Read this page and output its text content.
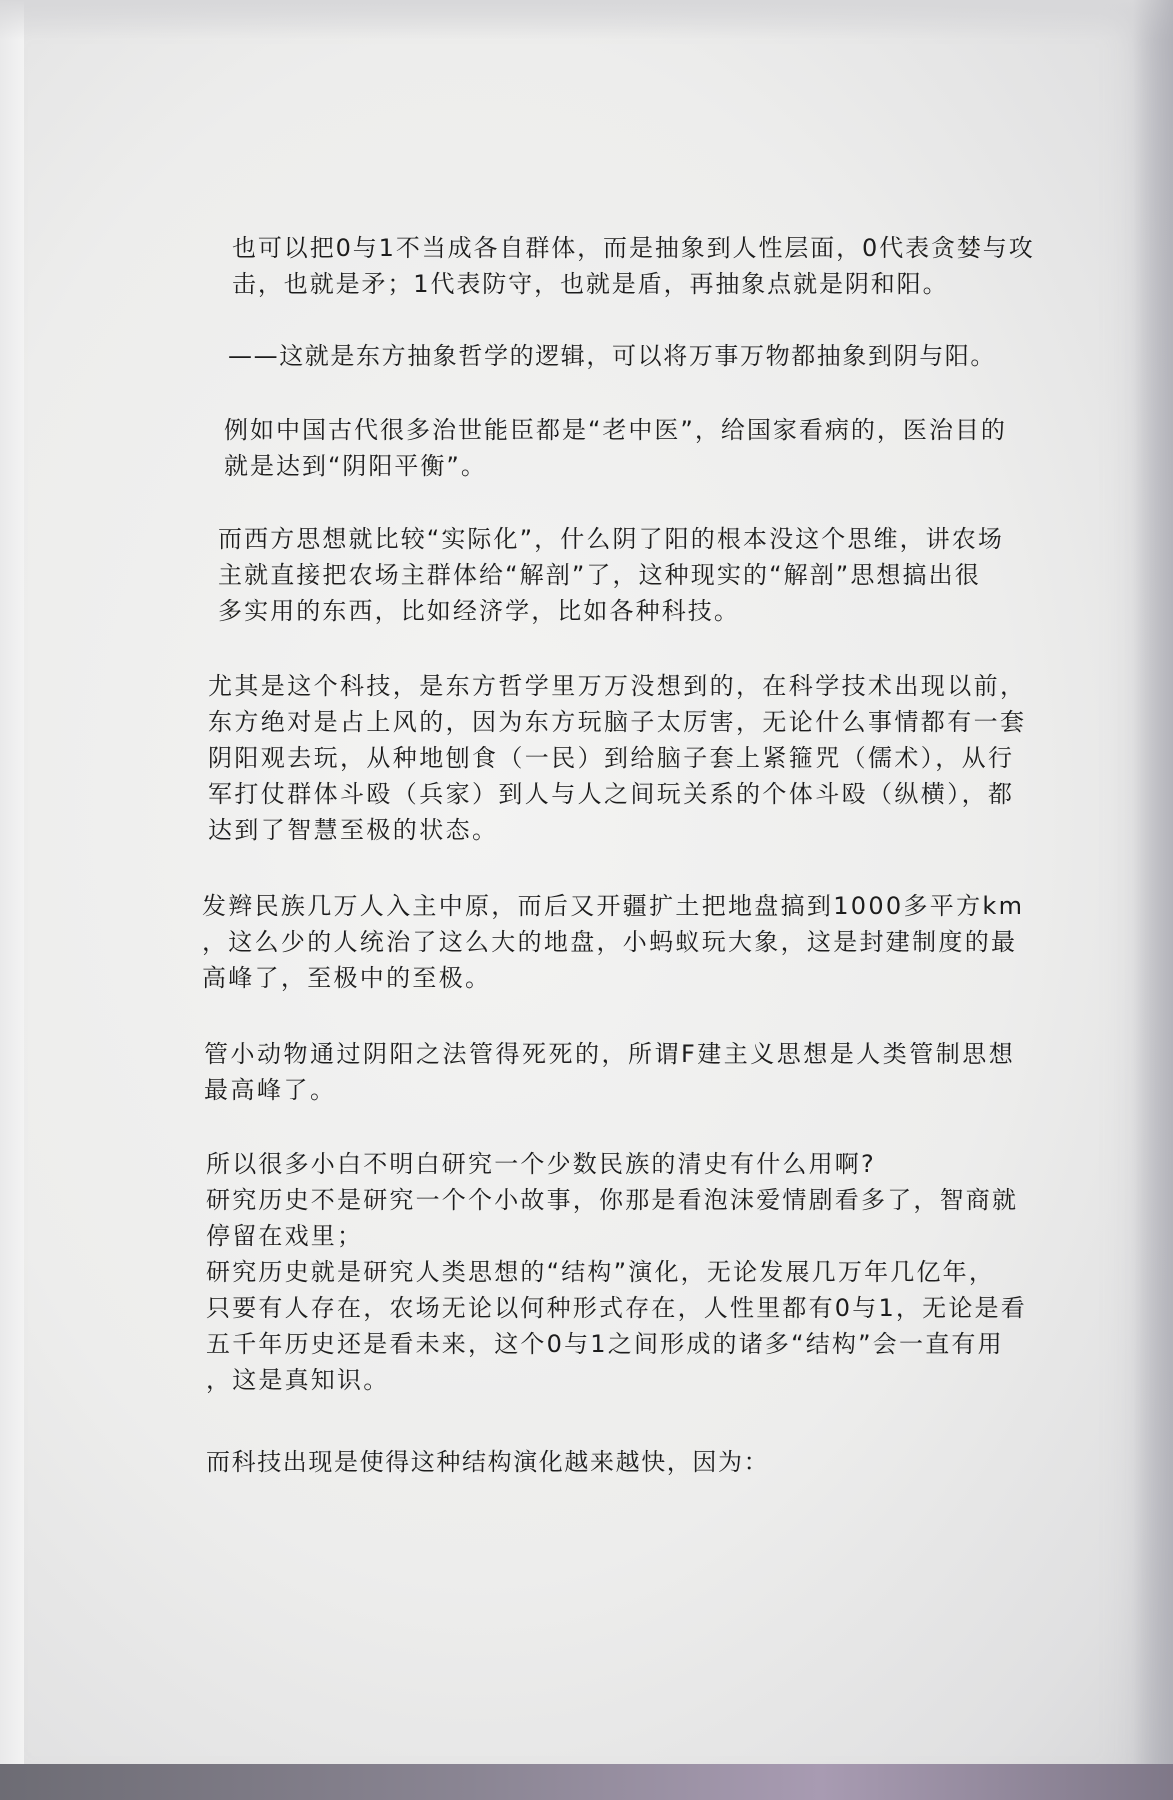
也可以把0与1不当成各自群体，而是抽象到人性层面，0代表贪婪与攻
击，也就是矛；1代表防守，也就是盾，再抽象点就是阴和阳。

——这就是东方抽象哲学的逻辑，可以将万事万物都抽象到阴与阳。

例如中国古代很多治世能臣都是“老中医”，给国家看病的，医治目的
就是达到“阴阳平衡”。

而西方思想就比较“实际化”，什么阴了阳的根本没这个思维，讲农场
主就直接把农场主群体给“解剖”了，这种现实的“解剖”思想搞出很
多实用的东西，比如经济学，比如各种科技。

尤其是这个科技，是东方哲学里万万没想到的，在科学技术出现以前，
东方绝对是占上风的，因为东方玩脑子太厉害，无论什么事情都有一套
阴阳观去玩，从种地刨食（一民）到给脑子套上紧箍咒（儒术），从行
军打仗群体斗殴（兵家）到人与人之间玩关系的个体斗殴（纵横），都
达到了智慧至极的状态。

发辫民族几万人入主中原，而后又开疆扩土把地盘搞到1000多平方km
，这么少的人统治了这么大的地盘，小蚂蚁玩大象，这是封建制度的最
高峰了，至极中的至极。

管小动物通过阴阳之法管得死死的，所谓F建主义思想是人类管制思想
最高峰了。

所以很多小白不明白研究一个少数民族的清史有什么用啊?
研究历史不是研究一个个小故事，你那是看泡沫爱情剧看多了，智商就
停留在戏里；
研究历史就是研究人类思想的“结构”演化，无论发展几万年几亿年，
只要有人存在，农场无论以何种形式存在，人性里都有0与1，无论是看
五千年历史还是看未来，这个0与1之间形成的诸多“结构”会一直有用
，这是真知识。

而科技出现是使得这种结构演化越来越快，因为：
